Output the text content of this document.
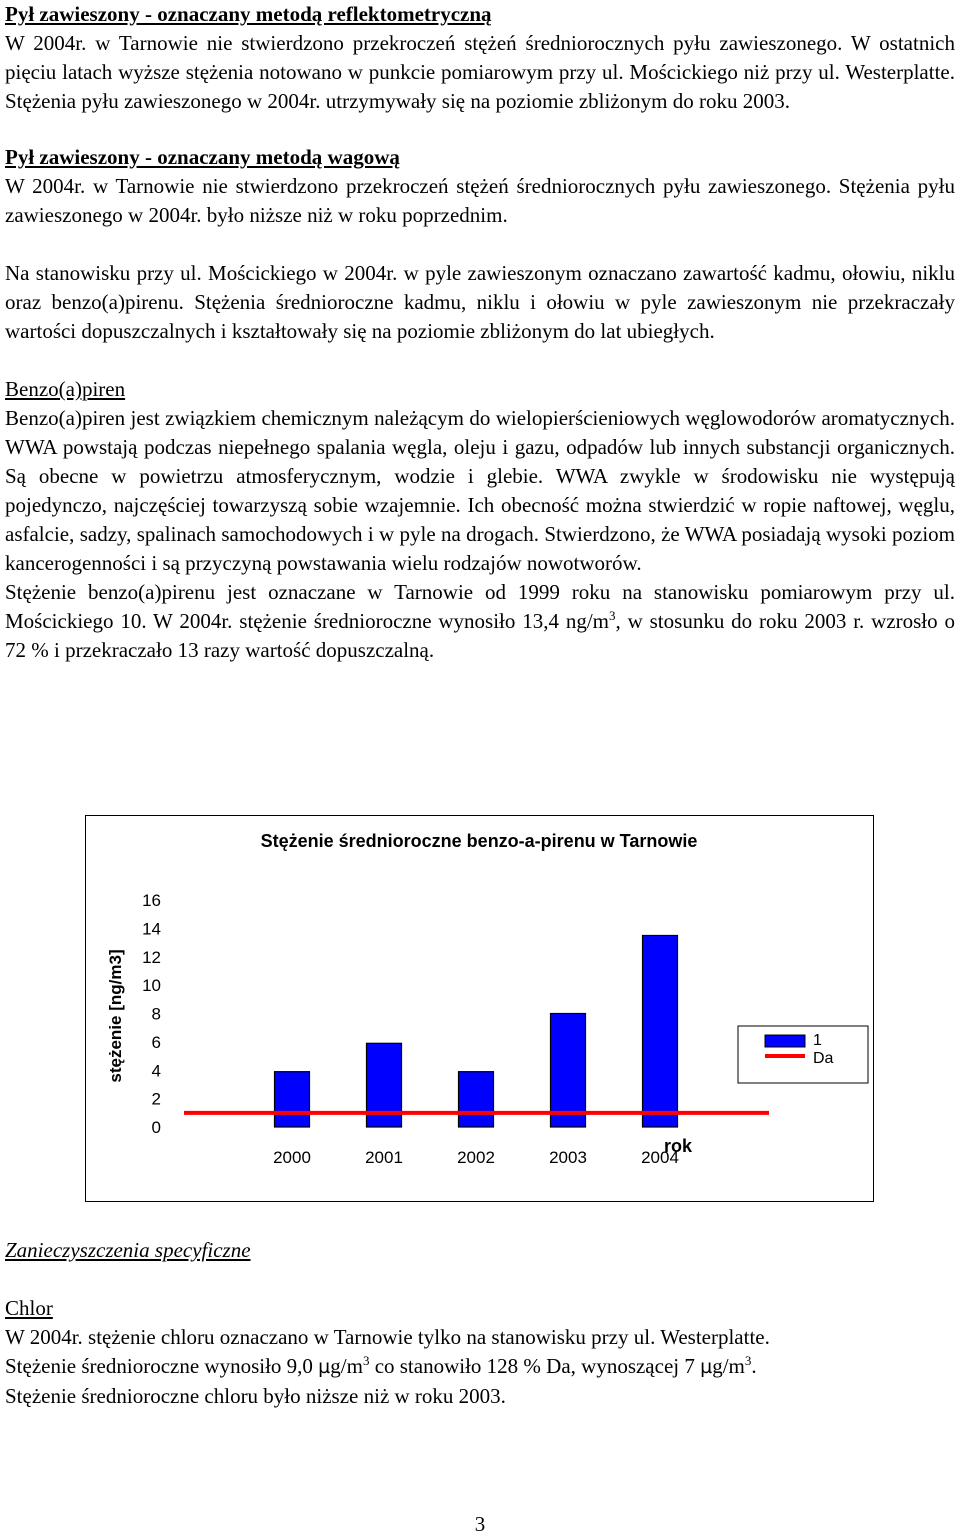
Pył zawieszony - oznaczany metodą reflektometryczną

W 2004r. w Tarnowie nie stwierdzono przekroczeń stężeń średniorocznych pyłu zawieszonego. W ostatnich pięciu latach wyższe stężenia notowano w punkcie pomiarowym przy ul. Mościckiego niż przy ul. Westerplatte. Stężenia pyłu zawieszonego w 2004r. utrzymywały się na poziomie zbliżonym do roku 2003.

Pył zawieszony - oznaczany metodą wagową

W 2004r. w Tarnowie nie stwierdzono przekroczeń stężeń średniorocznych pyłu zawieszonego. Stężenia pyłu zawieszonego w 2004r. było niższe niż w roku poprzednim.

Na stanowisku przy ul. Mościckiego w 2004r. w pyle zawieszonym oznaczano zawartość kadmu, ołowiu, niklu oraz benzo(a)pirenu. Stężenia średnioroczne kadmu, niklu i ołowiu w pyle zawieszonym nie przekraczały wartości dopuszczalnych i kształtowały się na poziomie zbliżonym do lat ubiegłych.

Benzo(a)piren

Benzo(a)piren jest związkiem chemicznym należącym do wielopierścieniowych węglowodorów aromatycznych. WWA powstają podczas niepełnego spalania węgla, oleju i gazu, odpadów lub innych substancji organicznych. Są obecne w powietrzu atmosferycznym, wodzie i glebie. WWA zwykle w środowisku nie występują pojedynczo, najczęściej towarzyszą sobie wzajemnie. Ich obecność można stwierdzić w ropie naftowej, węglu, asfalcie, sadzy, spalinach samochodowych i w pyle na drogach. Stwierdzono, że WWA posiadają wysoki poziom kancerogenności i są przyczyną powstawania wielu rodzajów nowotworów.

Stężenie benzo(a)pirenu jest oznaczane w Tarnowie od 1999 roku na stanowisku pomiarowym przy ul. Mościckiego 10. W 2004r. stężenie średnioroczne wynosiło 13,4 $ng/m^3$, w stosunku do roku 2003 r. wzrosło o 72 % i przekraczało 13 razy wartość dopuszczalną.

Stężenie średnioroczne benzo-a-pirenu w Tarnowie
0
2
4
6
8
10
12
14
16
stężenie [ng/m3]
2000	2001	2002	2003	2004
rok
1
Da

Zanieczyszczenia specyficzne

Chlor

W 2004r. stężenie chloru oznaczano w Tarnowie tylko na stanowisku przy ul. Westerplatte.

Stężenie średnioroczne wynosiło 9,0 $\mu g/m^3$ co stanowiło 128 % Da, wynoszącej 7 $\mu g/m^3$.

Stężenie średnioroczne chloru było niższe niż w roku 2003.

3
